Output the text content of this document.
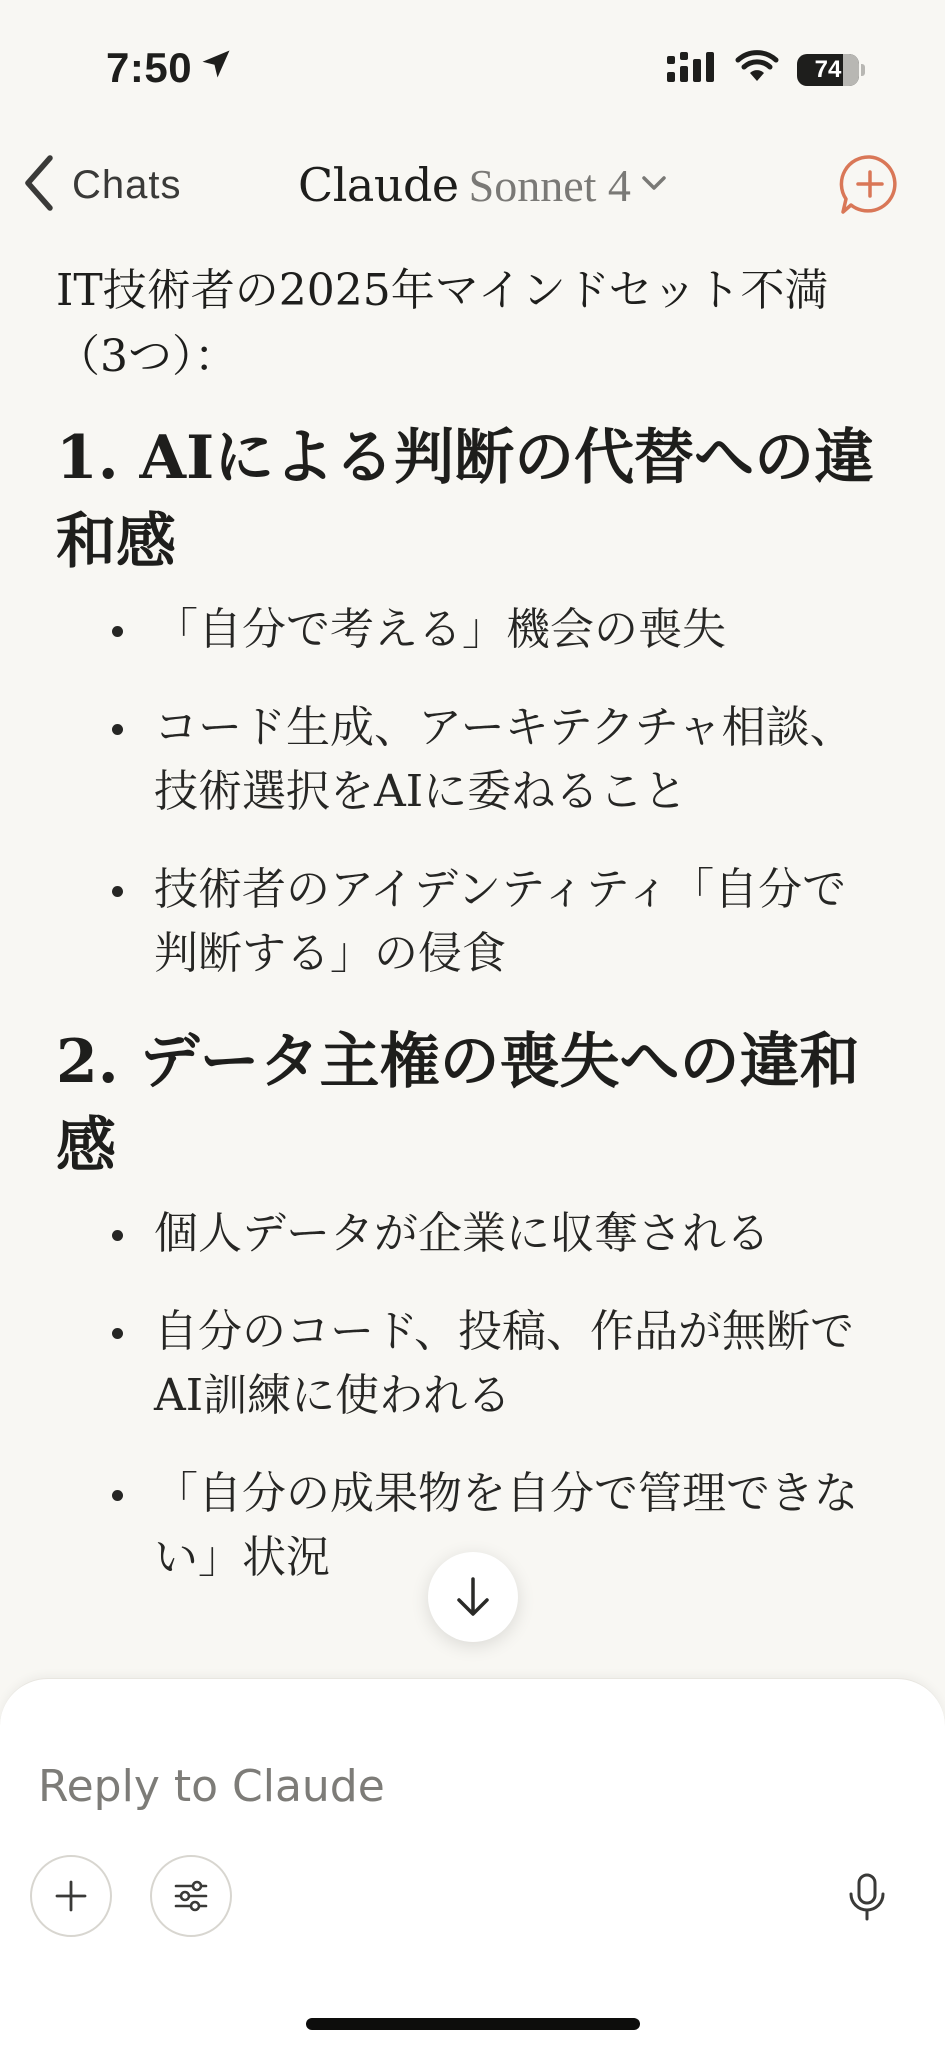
7:50	74
Chats	Claude Sonnet 4

IT技術者の2025年マインドセット不満（3つ）：

1. AIによる判断の代替への違和感
「自分で考える」機会の喪失
コード生成、アーキテクチャ相談、技術選択をAIに委ねること
技術者のアイデンティティ「自分で判断する」の侵食
2. データ主権の喪失への違和感
個人データが企業に収奪される
自分のコード、投稿、作品が無断でAI訓練に使われる
「自分の成果物を自分で管理できない」状況
Reply to Claude
